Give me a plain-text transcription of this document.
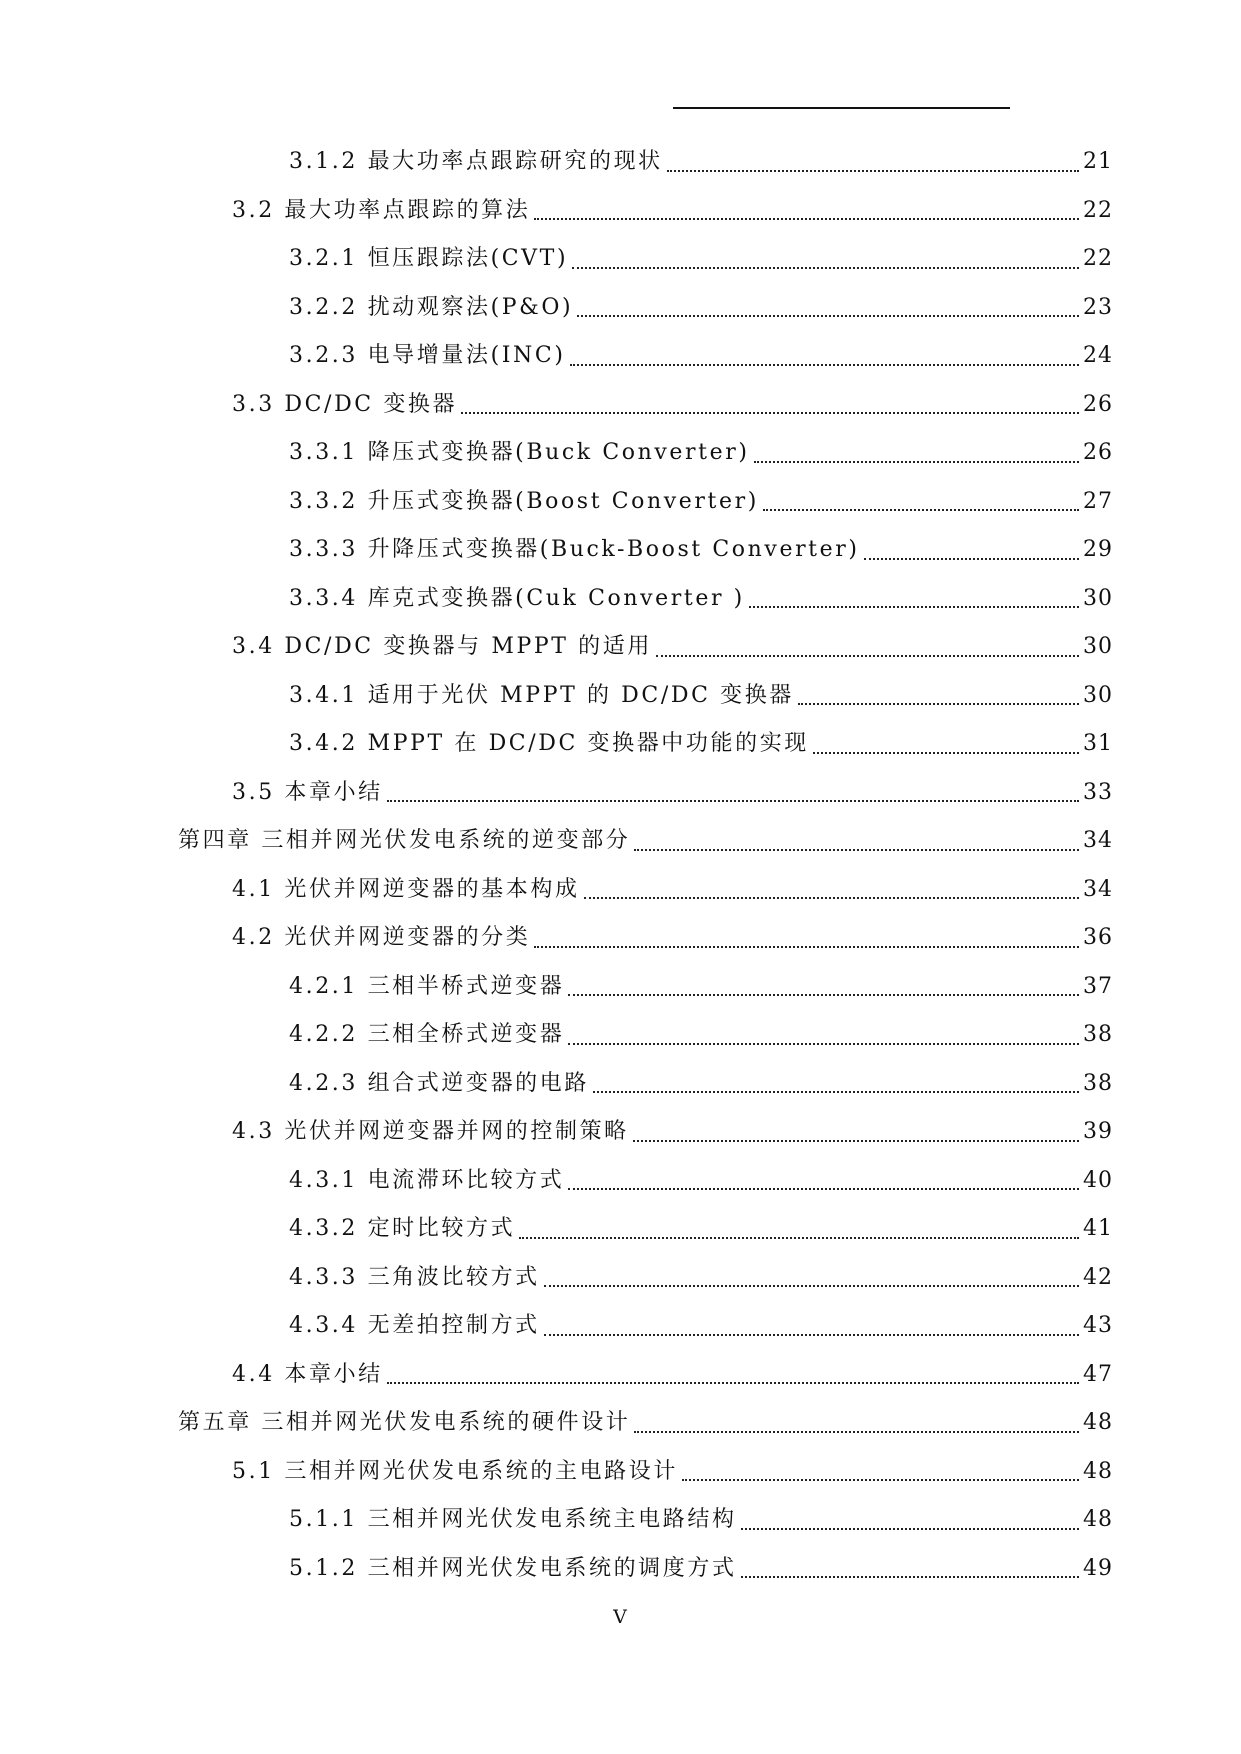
3.1.2 最大功率点跟踪研究的现状	21
3.2 最大功率点跟踪的算法	22
3.2.1 恒压跟踪法(CVT)	22
3.2.2 扰动观察法(P&O)	23
3.2.3 电导增量法(INC)	24
3.3 DC/DC 变换器	26
3.3.1 降压式变换器(Buck Converter)	26
3.3.2 升压式变换器(Boost Converter)	27
3.3.3 升降压式变换器(Buck-Boost Converter)	29
3.3.4 库克式变换器(Cuk Converter )	30
3.4 DC/DC 变换器与 MPPT 的适用	30
3.4.1 适用于光伏 MPPT 的 DC/DC 变换器	30
3.4.2 MPPT 在 DC/DC 变换器中功能的实现	31
3.5 本章小结	33
第四章 三相并网光伏发电系统的逆变部分	34
4.1 光伏并网逆变器的基本构成	34
4.2 光伏并网逆变器的分类	36
4.2.1 三相半桥式逆变器	37
4.2.2 三相全桥式逆变器	38
4.2.3 组合式逆变器的电路	38
4.3 光伏并网逆变器并网的控制策略	39
4.3.1 电流滞环比较方式	40
4.3.2 定时比较方式	41
4.3.3 三角波比较方式	42
4.3.4 无差拍控制方式	43
4.4 本章小结	47
第五章 三相并网光伏发电系统的硬件设计	48
5.1 三相并网光伏发电系统的主电路设计	48
5.1.1 三相并网光伏发电系统主电路结构	48
5.1.2 三相并网光伏发电系统的调度方式	49
V
